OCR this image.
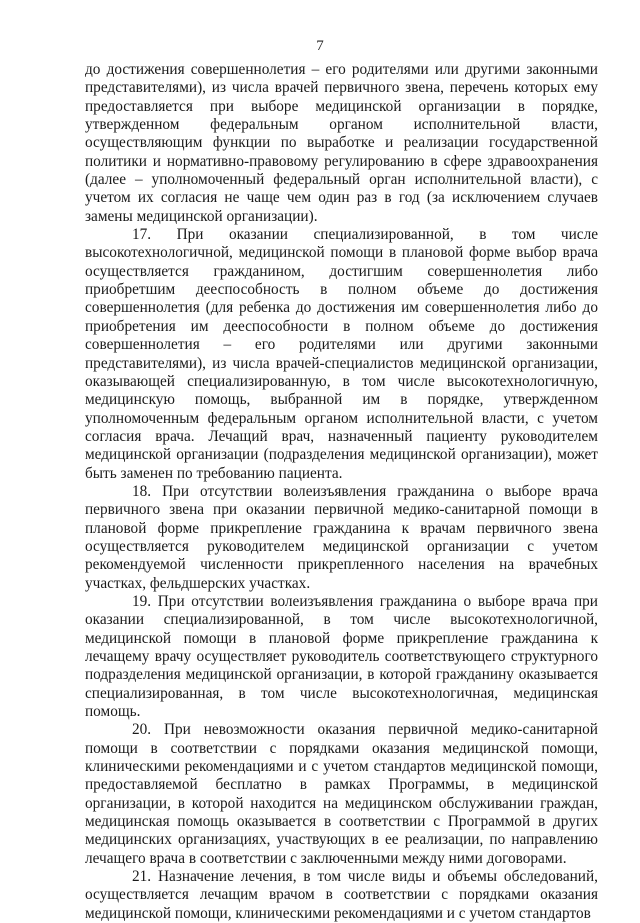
7

до достижения совершеннолетия – его родителями или другими законными представителями), из числа врачей первичного звена, перечень которых ему предоставляется при выборе медицинской организации в порядке, утвержденном федеральным органом исполнительной власти, осуществляющим функции по выработке и реализации государственной политики и нормативно-правовому регулированию в сфере здравоохранения (далее – уполномоченный федеральный орган исполнительной власти), с учетом их согласия не чаще чем один раз в год (за исключением случаев замены медицинской организации).

17. При оказании специализированной, в том числе высокотехнологичной, медицинской помощи в плановой форме выбор врача осуществляется гражданином, достигшим совершеннолетия либо приобретшим дееспособность в полном объеме до достижения совершеннолетия (для ребенка до достижения им совершеннолетия либо до приобретения им дееспособности в полном объеме до достижения совершеннолетия – его родителями или другими законными представителями), из числа врачей-специалистов медицинской организации, оказывающей специализированную, в том числе высокотехнологичную, медицинскую помощь, выбранной им в порядке, утвержденном уполномоченным федеральным органом исполнительной власти, с учетом согласия врача. Лечащий врач, назначенный пациенту руководителем медицинской организации (подразделения медицинской организации), может быть заменен по требованию пациента.

18. При отсутствии волеизъявления гражданина о выборе врача первичного звена при оказании первичной медико-санитарной помощи в плановой форме прикрепление гражданина к врачам первичного звена осуществляется руководителем медицинской организации с учетом рекомендуемой численности прикрепленного населения на врачебных участках, фельдшерских участках.

19. При отсутствии волеизъявления гражданина о выборе врача при оказании специализированной, в том числе высокотехнологичной, медицинской помощи в плановой форме прикрепление гражданина к лечащему врачу осуществляет руководитель соответствующего структурного подразделения медицинской организации, в которой гражданину оказывается специализированная, в том числе высокотехнологичная, медицинская помощь.

20. При невозможности оказания первичной медико-санитарной помощи в соответствии с порядками оказания медицинской помощи, клиническими рекомендациями и с учетом стандартов медицинской помощи, предоставляемой бесплатно в рамках Программы, в медицинской организации, в которой находится на медицинском обслуживании граждан, медицинская помощь оказывается в соответствии с Программой в других медицинских организациях, участвующих в ее реализации, по направлению лечащего врача в соответствии с заключенными между ними договорами.

21. Назначение лечения, в том числе виды и объемы обследований, осуществляется лечащим врачом в соответствии с порядками оказания медицинской помощи, клиническими рекомендациями и с учетом стандартов
